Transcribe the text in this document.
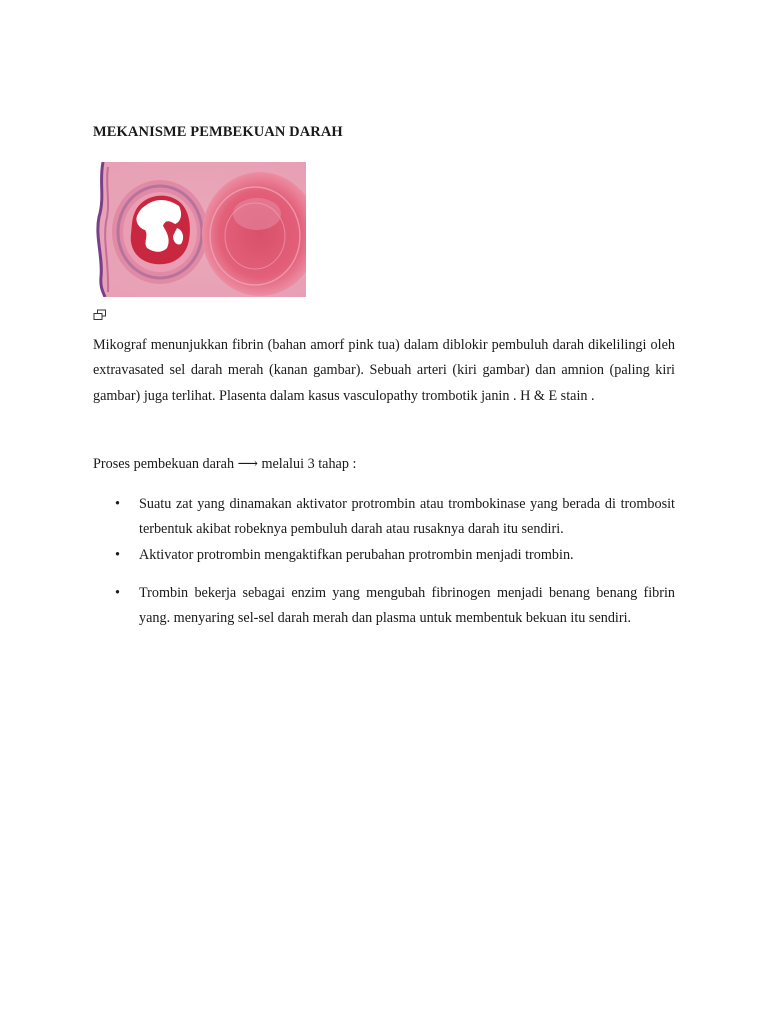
MEKANISME PEMBEKUAN DARAH

Mikograf menunjukkan fibrin (bahan amorf pink tua) dalam diblokir pembuluh darah dikelilingi oleh extravasated sel darah merah (kanan gambar). Sebuah arteri (kiri gambar) dan amnion (paling kiri gambar) juga terlihat. Plasenta dalam kasus vasculopathy trombotik janin . H & E stain .

Proses pembekuan darah ⟶ melalui 3 tahap :

• Suatu zat yang dinamakan aktivator protrombin atau trombokinase yang berada di trombosit terbentuk akibat robeknya pembuluh darah atau rusaknya darah itu sendiri.
• Aktivator protrombin mengaktifkan perubahan protrombin menjadi trombin.
• Trombin bekerja sebagai enzim yang mengubah fibrinogen menjadi benang benang fibrin yang. menyaring sel-sel darah merah dan plasma untuk membentuk bekuan itu sendiri.
